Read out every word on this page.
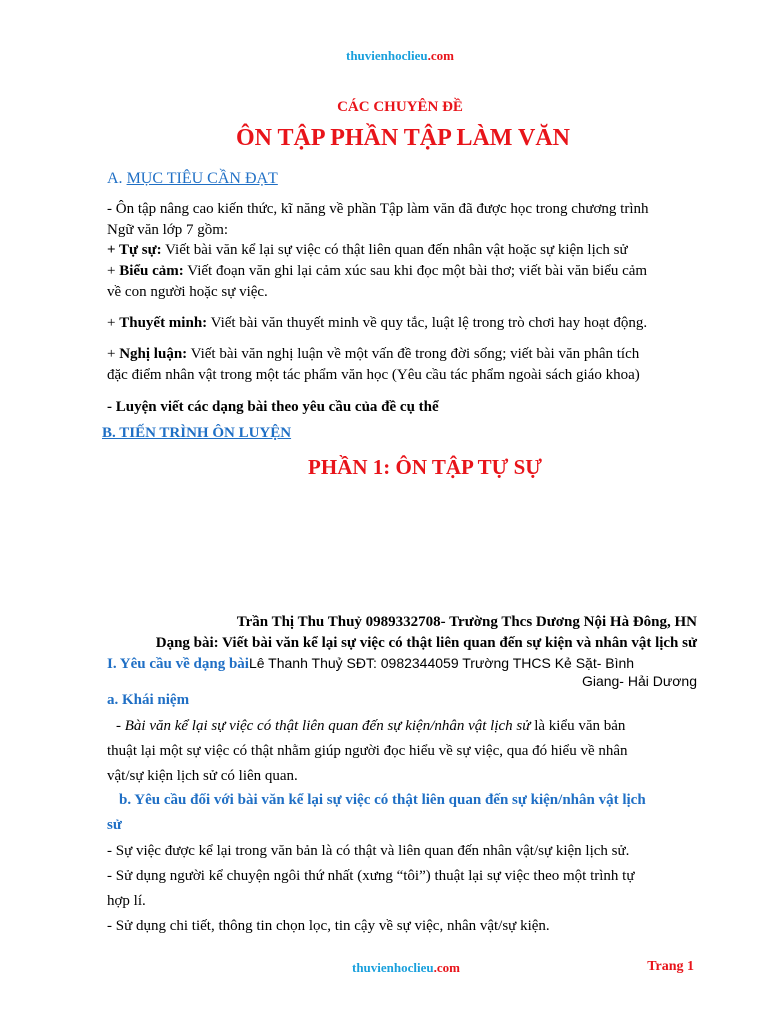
thuvienhoclieu.com
CÁC CHUYÊN ĐỀ
ÔN TẬP PHẦN TẬP LÀM VĂN
A. MỤC TIÊU CẦN ĐẠT
- Ôn tập nâng cao kiến thức, kĩ năng về phần Tập làm văn đã được học trong chương trình
Ngữ văn lớp 7 gồm:
+ Tự sự: Viết bài văn kể lại sự việc có thật liên quan đến nhân vật hoặc sự kiện lịch sử
+ Biểu cảm: Viết đoạn văn ghi lại cảm xúc sau khi đọc một bài thơ; viết bài văn biểu cảm
về con người hoặc sự việc.
+ Thuyết minh: Viết bài văn thuyết minh về quy tắc, luật lệ trong trò chơi hay hoạt động.
+ Nghị luận: Viết bài văn nghị luận về một vấn đề trong đời sống; viết bài văn phân tích
đặc điểm nhân vật trong một tác phẩm văn học (Yêu cầu tác phẩm ngoài sách giáo khoa)
- Luyện viết các dạng bài theo yêu cầu của đề cụ thể
B. TIẾN TRÌNH ÔN LUYỆN
PHẦN 1: ÔN TẬP TỰ SỰ
Trần Thị Thu Thuỷ 0989332708- Trường Thcs Dương Nội Hà Đông, HN
Dạng bài: Viết bài văn kể lại sự việc có thật liên quan đến sự kiện và nhân vật lịch sử
I. Yêu cầu về dạng bàiLê Thanh Thuỷ SĐT: 0982344059 Trường THCS Kẻ Sặt- Bình
Giang- Hải Dương
a. Khái niệm
- Bài văn kể lại sự việc có thật liên quan đến sự kiện/nhân vật lịch sử là kiểu văn bản
thuật lại một sự việc có thật nhằm giúp người đọc hiểu về sự việc, qua đó hiểu về nhân
vật/sự kiện lịch sử có liên quan.
b. Yêu cầu đối với bài văn kể lại sự việc có thật liên quan đến sự kiện/nhân vật lịch
sử
- Sự việc được kể lại trong văn bản là có thật và liên quan đến nhân vật/sự kiện lịch sử.
- Sử dụng người kể chuyện ngôi thứ nhất (xưng “tôi”) thuật lại sự việc theo một trình tự
hợp lí.
- Sử dụng chi tiết, thông tin chọn lọc, tin cậy về sự việc, nhân vật/sự kiện.
thuvienhoclieu.com	Trang 1
